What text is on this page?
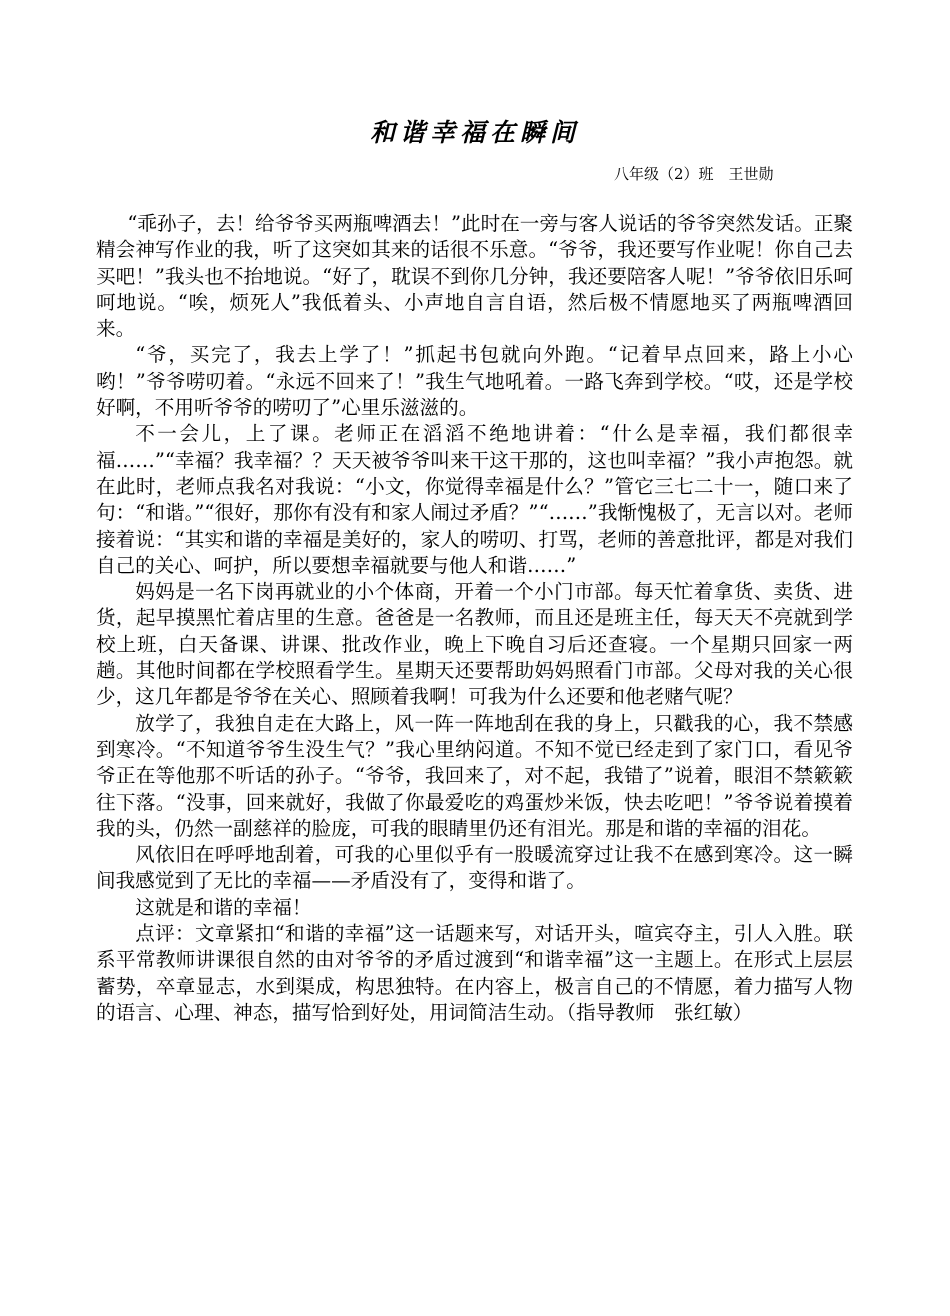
和谐幸福在瞬间
八年级（2）班　王世勋

“乖孙子，去！给爷爷买两瓶啤酒去！”此时在一旁与客人说话的爷爷突然发话。正聚精会神写作业的我，听了这突如其来的话很不乐意。“爷爷，我还要写作业呢！你自己去买吧！”我头也不抬地说。“好了，耽误不到你几分钟，我还要陪客人呢！”爷爷依旧乐呵呵地说。“唉，烦死人”我低着头、小声地自言自语，然后极不情愿地买了两瓶啤酒回来。

“爷，买完了，我去上学了！”抓起书包就向外跑。“记着早点回来，路上小心哟！”爷爷唠叨着。“永远不回来了！”我生气地吼着。一路飞奔到学校。“哎，还是学校好啊，不用听爷爷的唠叨了”心里乐滋滋的。

不一会儿，上了课。老师正在滔滔不绝地讲着：“什么是幸福，我们都很幸福……”“幸福？我幸福？？天天被爷爷叫来干这干那的，这也叫幸福？”我小声抱怨。就在此时，老师点我名对我说：“小文，你觉得幸福是什么？”管它三七二十一，随口来了句：“和谐。”“很好，那你有没有和家人闹过矛盾？”“……”我惭愧极了，无言以对。老师接着说：“其实和谐的幸福是美好的，家人的唠叨、打骂，老师的善意批评，都是对我们自己的关心、呵护，所以要想幸福就要与他人和谐……”

妈妈是一名下岗再就业的小个体商，开着一个小门市部。每天忙着拿货、卖货、进货，起早摸黑忙着店里的生意。爸爸是一名教师，而且还是班主任，每天天不亮就到学校上班，白天备课、讲课、批改作业，晚上下晚自习后还查寝。一个星期只回家一两趟。其他时间都在学校照看学生。星期天还要帮助妈妈照看门市部。父母对我的关心很少，这几年都是爷爷在关心、照顾着我啊！可我为什么还要和他老赌气呢？

放学了，我独自走在大路上，风一阵一阵地刮在我的身上，只戳我的心，我不禁感到寒冷。“不知道爷爷生没生气？”我心里纳闷道。不知不觉已经走到了家门口，看见爷爷正在等他那不听话的孙子。“爷爷，我回来了，对不起，我错了”说着，眼泪不禁簌簌往下落。“没事，回来就好，我做了你最爱吃的鸡蛋炒米饭，快去吃吧！”爷爷说着摸着我的头，仍然一副慈祥的脸庞，可我的眼睛里仍还有泪光。那是和谐的幸福的泪花。

风依旧在呼呼地刮着，可我的心里似乎有一股暖流穿过让我不在感到寒冷。这一瞬间我感觉到了无比的幸福——矛盾没有了，变得和谐了。

这就是和谐的幸福！

点评：文章紧扣“和谐的幸福”这一话题来写，对话开头，喧宾夺主，引人入胜。联系平常教师讲课很自然的由对爷爷的矛盾过渡到“和谐幸福”这一主题上。在形式上层层蓄势，卒章显志，水到渠成，构思独特。在内容上，极言自己的不情愿，着力描写人物的语言、心理、神态，描写恰到好处，用词简洁生动。（指导教师　张红敏）
